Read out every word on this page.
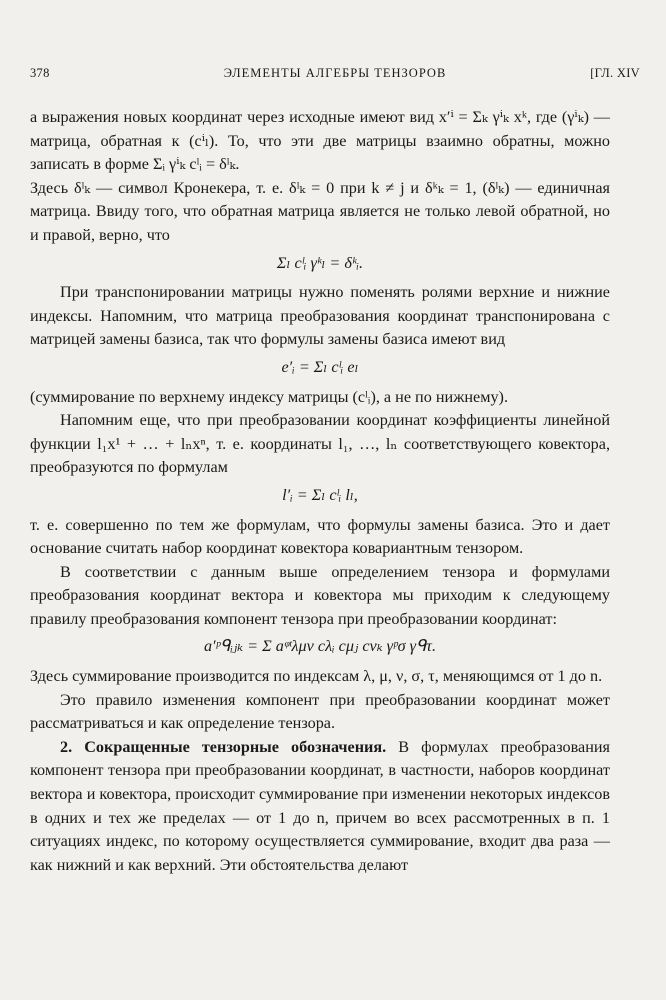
378	ЭЛЕМЕНТЫ АЛГЕБРЫ ТЕНЗОРОВ	[ГЛ. XIV

а выражения новых координат через исходные имеют вид x′ⁱ = Σₖ γⁱₖ xᵏ, где (γⁱₖ) — матрица, обратная к (cⁱₗ). То, что эти две матрицы взаимно обратны, можно записать в форме Σᵢ γⁱₖ cˡᵢ = δˡₖ.

Здесь δˡₖ — символ Кронекера, т. е. δˡₖ = 0 при k ≠ j и δᵏₖ = 1, (δˡₖ) — единичная матрица. Ввиду того, что обратная матрица является не только левой обратной, но и правой, верно, что

Σₗ cˡᵢ γᵏₗ = δᵏᵢ.

При транспонировании матрицы нужно поменять ролями верхние и нижние индексы. Напомним, что матрица преобразования координат транспонирована с матрицей замены базиса, так что формулы замены базиса имеют вид

e′ᵢ = Σₗ cˡᵢ eₗ

(суммирование по верхнему индексу матрицы (cˡᵢ), а не по нижнему).

Напомним еще, что при преобразовании координат коэффициенты линейной функции l₁x¹ + … + lₙxⁿ, т. е. координаты l₁, …, lₙ соответствующего ковектора, преобразуются по формулам

l′ᵢ = Σₗ cˡᵢ lₗ,

т. е. совершенно по тем же формулам, что формулы замены базиса. Это и дает основание считать набор координат ковектора ковариантным тензором.

В соответствии с данным выше определением тензора и формулами преобразования координат вектора и ковектора мы приходим к следующему правилу преобразования компонент тензора при преобразовании координат:

a′ᵖᑫᵢⱼₖ = Σ aᵠᵗλμν cλᵢ cμⱼ cνₖ γᵖσ γᑫτ.

Здесь суммирование производится по индексам λ, μ, ν, σ, τ, меняющимся от 1 до n.

Это правило изменения компонент при преобразовании координат может рассматриваться и как определение тензора.

2. Сокращенные тензорные обозначения. В формулах преобразования компонент тензора при преобразовании координат, в частности, наборов координат вектора и ковектора, происходит суммирование при изменении некоторых индексов в одних и тех же пределах — от 1 до n, причем во всех рассмотренных в п. 1 ситуациях индекс, по которому осуществляется суммирование, входит два раза — как нижний и как верхний. Эти обстоятельства делают
